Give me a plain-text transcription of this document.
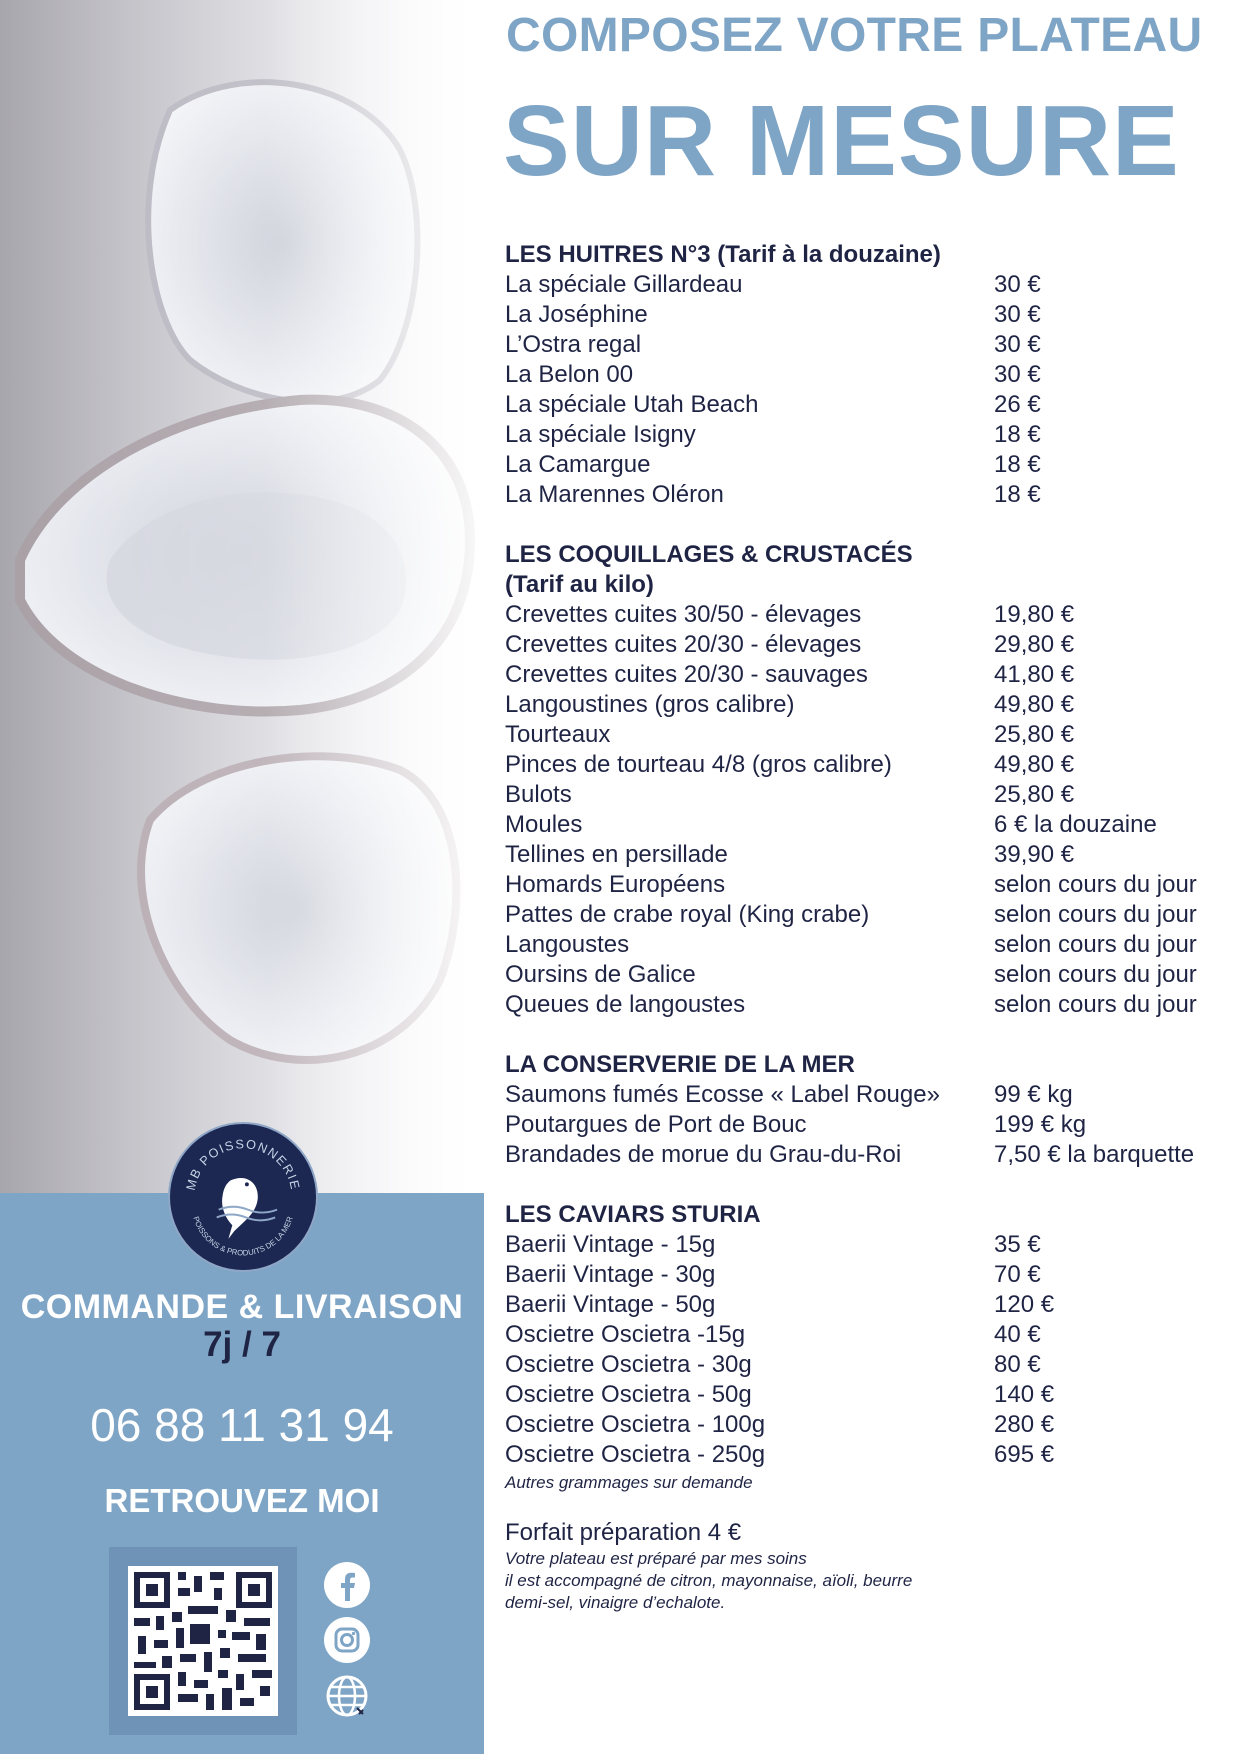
MB POISSONNERIE
POISSONS & PRODUITS DE LA MER
COMMANDE & LIVRAISON
7j / 7
06 88 11 31 94
RETROUVEZ MOI
COMPOSEZ VOTRE PLATEAU
SUR MESURE
LES HUITRES N°3 (Tarif à la douzaine)
La spéciale Gillardeau	30 €
La Joséphine	30 €
L’Ostra regal	30 €
La Belon 00	30 €
La spéciale Utah Beach	26 €
La spéciale Isigny	18 €
La Camargue	18 €
La Marennes Oléron	18 €
LES COQUILLAGES & CRUSTACÉS
(Tarif au kilo)
Crevettes cuites 30/50 - élevages	19,80 €
Crevettes cuites 20/30 - élevages	29,80 €
Crevettes cuites 20/30 - sauvages	41,80 €
Langoustines (gros calibre)	49,80 €
Tourteaux	25,80 €
Pinces de tourteau 4/8 (gros calibre)	49,80 €
Bulots	25,80 €
Moules	6 € la douzaine
Tellines en persillade	39,90 €
Homards Européens	selon cours du jour
Pattes de crabe royal (King crabe)	selon cours du jour
Langoustes	selon cours du jour
Oursins de Galice	selon cours du jour
Queues de langoustes	selon cours du jour
LA CONSERVERIE DE LA MER
Saumons fumés Ecosse « Label Rouge»	99 € kg
Poutargues de Port de Bouc	199 € kg
Brandades de morue du Grau-du-Roi	7,50 € la barquette
LES CAVIARS STURIA
Baerii Vintage - 15g	35 €
Baerii Vintage - 30g	70 €
Baerii Vintage - 50g	120 €
Oscietre Oscietra -15g	40 €
Oscietre Oscietra - 30g	80 €
Oscietre Oscietra - 50g	140 €
Oscietre Oscietra - 100g	280 €
Oscietre Oscietra - 250g	695 €
Autres grammages sur demande
Forfait préparation 4 €
Votre plateau est préparé par mes soins
il est accompagné de citron, mayonnaise, aïoli, beurre
demi-sel, vinaigre d’echalote.
